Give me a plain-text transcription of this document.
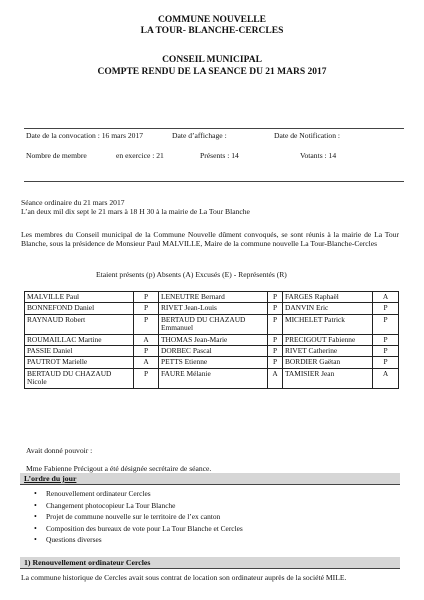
COMMUNE NOUVELLE
LA TOUR- BLANCHE-CERCLES
CONSEIL MUNICIPAL
COMPTE RENDU DE LA SEANCE DU 21 MARS 2017
Date de la convocation : 16 mars 2017	Date d’affichage :	Date de Notification :
Nombre de membre	en exercice : 21	Présents : 14	Votants : 14
Séance ordinaire du 21 mars 2017
L’an deux mil dix sept le 21 mars à 18 H 30 à la mairie de La Tour Blanche
Les membres du Conseil municipal de la Commune Nouvelle dûment convoqués, se sont réunis à la mairie de La Tour Blanche, sous la présidence de Monsieur Paul MALVILLE, Maire de la commune nouvelle La Tour-Blanche-Cercles
Etaient présents (p) Absents (A) Excusés (E) - Représentés (R)
MALVILLE Paul	P	LENEUTRE Bernard	P	FARGES Raphaël	A
BONNEFOND Daniel	P	RIVET Jean-Louis	P	DANVIN Eric	P
RAYNAUD Robert	P	BERTAUD DU CHAZAUD Emmanuel	P	MICHELET Patrick	P
ROUMAILLAC Martine	A	THOMAS Jean-Marie	P	PRECIGOUT Fabienne	P
PASSIE Daniel	P	DORBEC Pascal	P	RIVET Catherine	P
PAUTROT Marielle	A	PETTS Etienne	P	BORDIER Gaëtan	P
BERTAUD DU CHAZAUD Nicole	P	FAURE Mélanie	A	TAMISIER Jean	A
Avait donné pouvoir :
Mme Fabienne Précigout a été désignée secrétaire de séance.
L’ordre du jour
• Renouvellement ordinateur Cercles
• Changement photocopieur La Tour Blanche
• Projet de commune nouvelle sur le territoire de l’ex canton
• Composition des bureaux de vote pour La Tour Blanche et Cercles
• Questions diverses
1) Renouvellement ordinateur Cercles
La commune historique de Cercles avait sous contrat de location son ordinateur auprès de la société MILE.
